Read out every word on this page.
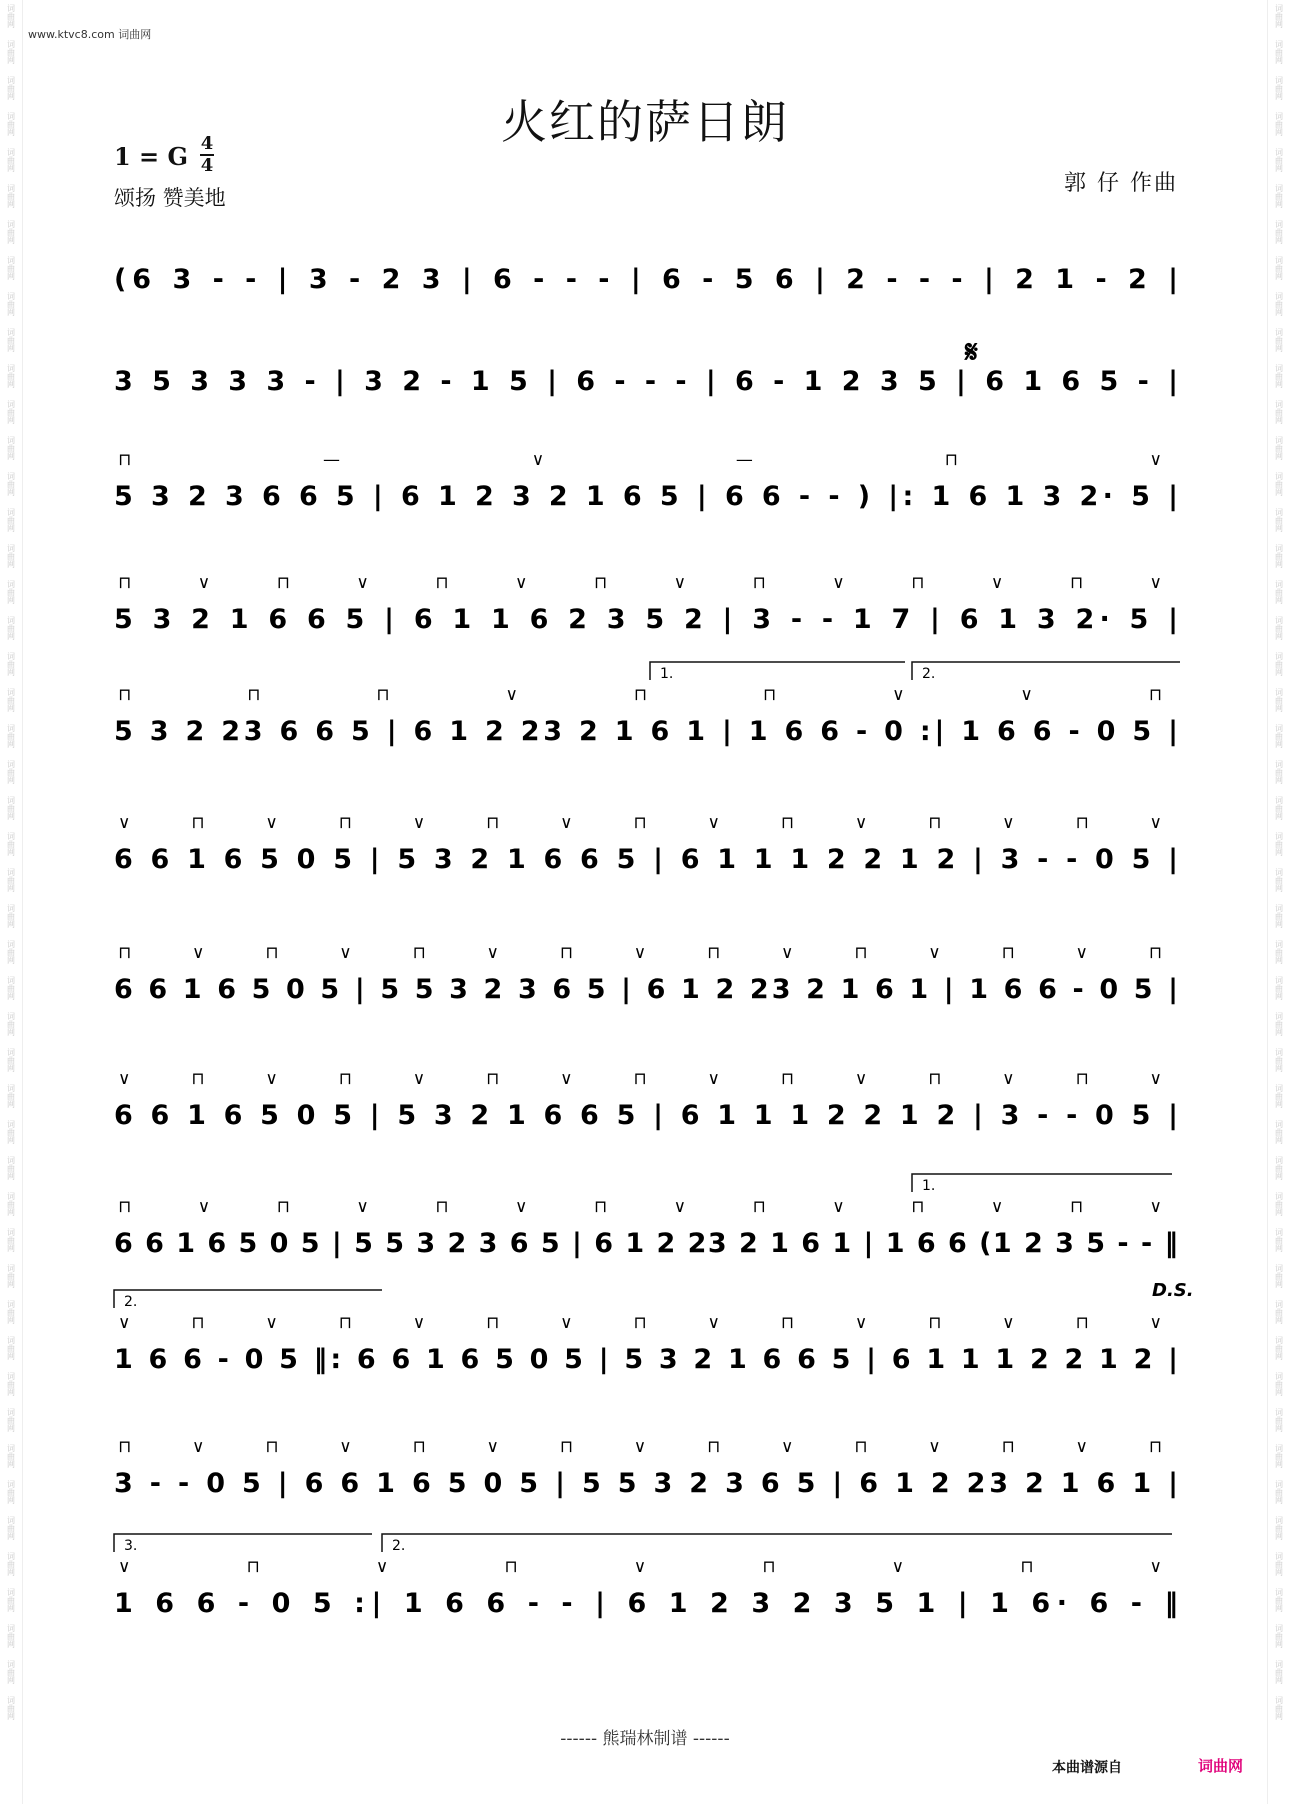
词曲网
词曲网
词曲网
词曲网
词曲网
词曲网
词曲网
词曲网
词曲网
词曲网
词曲网
词曲网
词曲网
词曲网
词曲网
词曲网
词曲网
词曲网
词曲网
词曲网
词曲网
词曲网
词曲网
词曲网
词曲网
词曲网
词曲网
词曲网
词曲网
词曲网
词曲网
词曲网
词曲网
词曲网
词曲网
词曲网
词曲网
词曲网
词曲网
词曲网
词曲网
词曲网
词曲网
词曲网
词曲网
词曲网
词曲网
词曲网
词曲网
词曲网
词曲网
词曲网
词曲网
词曲网
词曲网
词曲网
词曲网
词曲网
词曲网
词曲网
词曲网
词曲网
词曲网
词曲网
词曲网
词曲网
词曲网
词曲网
词曲网
词曲网
词曲网
词曲网
词曲网
词曲网
词曲网
词曲网
词曲网
词曲网
词曲网
词曲网
词曲网
词曲网
词曲网
词曲网
词曲网
词曲网
词曲网
词曲网
词曲网
词曲网
词曲网
词曲网
词曲网
词曲网
词曲网
词曲网
www.ktvc8.com 词曲网
火红的萨日朗
1 = G 4
4
颂扬 赞美地
郭 仔 作曲
𝄋
D.S.
(6 3 - - | 3 - 2 3 | 6 - - - | 6 - 5 6 | 2 - - - | 2 1 - 2 |
3 5 3 3 3 - | 3 2 - 1 5 | 6 - - - | 6 - 1 2 3 5 | 6 1 6 5 - |
⊓ — ∨ — ⊓ ∨
5 3 2 3 6 6 5 | 6 1 2 3 2 1 6 5 | 6 6 - - ) |: 1 6 1 3 2· 5 |
⊓ ∨ ⊓ ∨ ⊓ ∨ ⊓ ∨ ⊓ ∨ ⊓ ∨ ⊓ ∨
5 3 2 1 6 6 5 | 6 1 1 6 2 3 5 2 | 3 - - 1 7 | 6 1 3 2· 5 |
⊓ ⊓ ⊓ ∨ ⊓ ⊓ ∨ ∨ ⊓
5 3 2 23 6 6 5 | 6 1 2 23 2 1 6 1 | 1 6 6 - 0 :| 1 6 6 - 0 5 |
∨ ⊓ ∨ ⊓ ∨ ⊓ ∨ ⊓ ∨ ⊓ ∨ ⊓ ∨ ⊓ ∨
6 6 1 6 5 0 5 | 5 3 2 1 6 6 5 | 6 1 1 1 2 2 1 2 | 3 - - 0 5 |
⊓ ∨ ⊓ ∨ ⊓ ∨ ⊓ ∨ ⊓ ∨ ⊓ ∨ ⊓ ∨ ⊓
6 6 1 6 5 0 5 | 5 5 3 2 3 6 5 | 6 1 2 23 2 1 6 1 | 1 6 6 - 0 5 |
∨ ⊓ ∨ ⊓ ∨ ⊓ ∨ ⊓ ∨ ⊓ ∨ ⊓ ∨ ⊓ ∨
6 6 1 6 5 0 5 | 5 3 2 1 6 6 5 | 6 1 1 1 2 2 1 2 | 3 - - 0 5 |
⊓ ∨ ⊓ ∨ ⊓ ∨ ⊓ ∨ ⊓ ∨ ⊓ ∨ ⊓ ∨
6 6 1 6 5 0 5 | 5 5 3 2 3 6 5 | 6 1 2 23 2 1 6 1 | 1 6 6 (1 2 3 5 - - ‖
∨ ⊓ ∨ ⊓ ∨ ⊓ ∨ ⊓ ∨ ⊓ ∨ ⊓ ∨ ⊓ ∨
1 6 6 - 0 5 ‖: 6 6 1 6 5 0 5 | 5 3 2 1 6 6 5 | 6 1 1 1 2 2 1 2 |
⊓ ∨ ⊓ ∨ ⊓ ∨ ⊓ ∨ ⊓ ∨ ⊓ ∨ ⊓ ∨ ⊓
3 - - 0 5 | 6 6 1 6 5 0 5 | 5 5 3 2 3 6 5 | 6 1 2 23 2 1 6 1 |
∨ ⊓ ∨ ⊓ ∨ ⊓ ∨ ⊓ ∨
1 6 6 - 0 5 :| 1 6 6 - - | 6 1 2 3 2 3 5 1 | 1 6· 6 - ‖
1.	2.
1.
2.
3.	2.
------ 熊瑞林制谱 ------
本曲谱源自	词曲网
